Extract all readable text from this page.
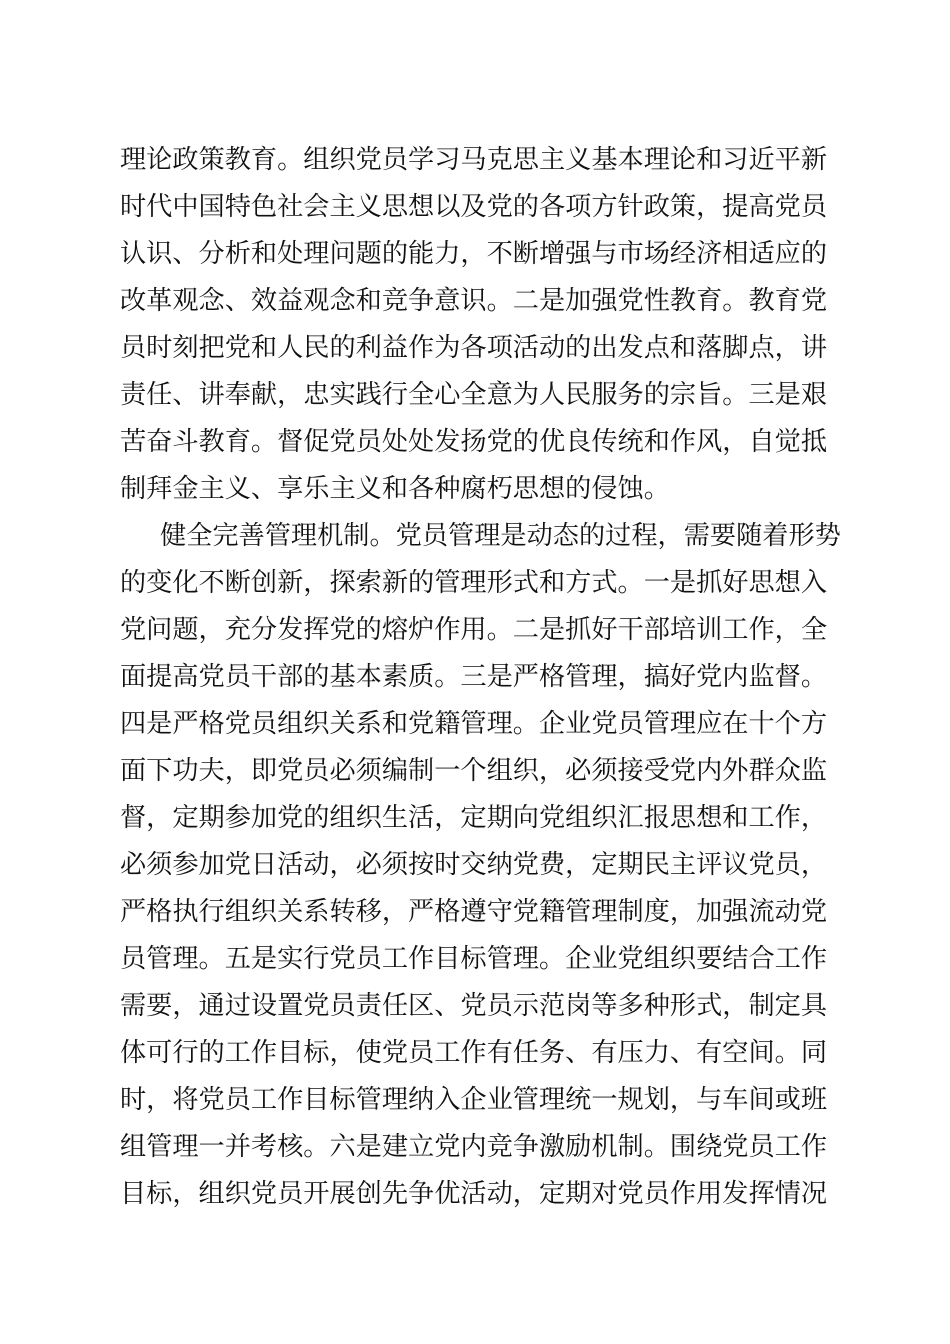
理论政策教育。组织党员学习马克思主义基本理论和习近平新
时代中国特色社会主义思想以及党的各项方针政策，提高党员
认识、分析和处理问题的能力，不断增强与市场经济相适应的
改革观念、效益观念和竞争意识。二是加强党性教育。教育党
员时刻把党和人民的利益作为各项活动的出发点和落脚点，讲
责任、讲奉献，忠实践行全心全意为人民服务的宗旨。三是艰
苦奋斗教育。督促党员处处发扬党的优良传统和作风，自觉抵
制拜金主义、享乐主义和各种腐朽思想的侵蚀。
健全完善管理机制。党员管理是动态的过程，需要随着形势
的变化不断创新，探索新的管理形式和方式。一是抓好思想入
党问题，充分发挥党的熔炉作用。二是抓好干部培训工作，全
面提高党员干部的基本素质。三是严格管理，搞好党内监督。
四是严格党员组织关系和党籍管理。企业党员管理应在十个方
面下功夫，即党员必须编制一个组织，必须接受党内外群众监
督，定期参加党的组织生活，定期向党组织汇报思想和工作，
必须参加党日活动，必须按时交纳党费，定期民主评议党员，
严格执行组织关系转移，严格遵守党籍管理制度，加强流动党
员管理。五是实行党员工作目标管理。企业党组织要结合工作
需要，通过设置党员责任区、党员示范岗等多种形式，制定具
体可行的工作目标，使党员工作有任务、有压力、有空间。同
时，将党员工作目标管理纳入企业管理统一规划，与车间或班
组管理一并考核。六是建立党内竞争激励机制。围绕党员工作
目标，组织党员开展创先争优活动，定期对党员作用发挥情况
